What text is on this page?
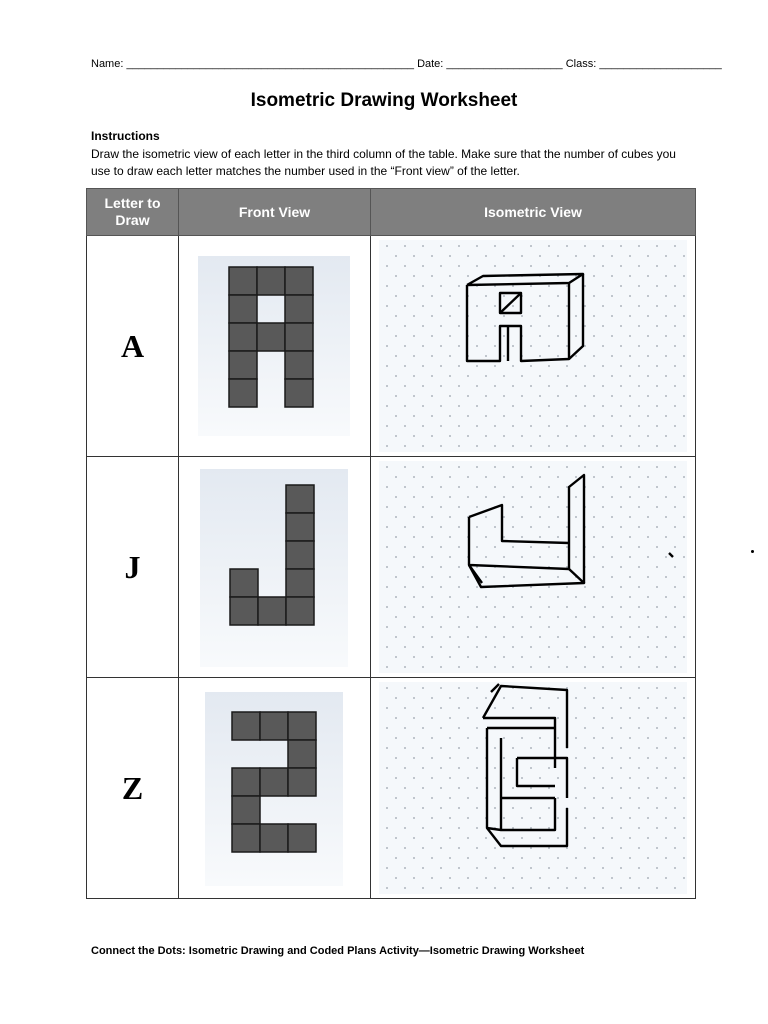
Name: _______________________________________________ Date: ___________________ Class: ____________________
Isometric Drawing Worksheet
Instructions
Draw the isometric view of each letter in the third column of the table. Make sure that the number of cubes you use to draw each letter matches the number used in the “Front view” of the letter.
Letter to Draw	Front View	Isometric View
A	

J	

Z	

Connect the Dots: Isometric Drawing and Coded Plans Activity—Isometric Drawing Worksheet
